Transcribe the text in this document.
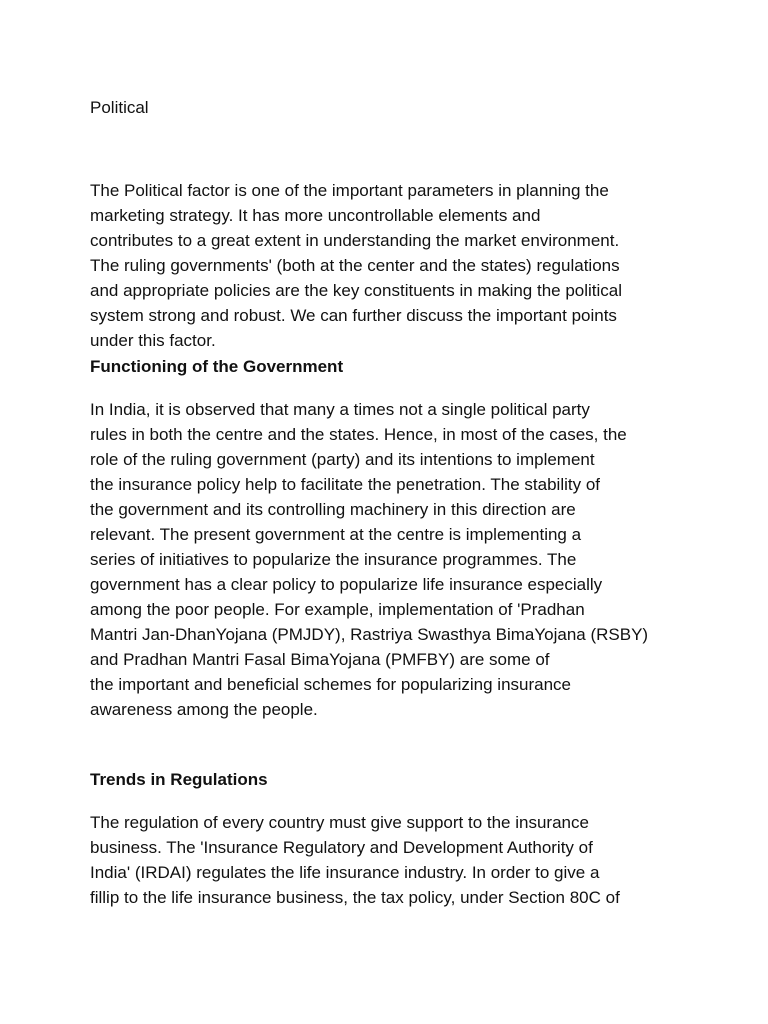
Political

The Political factor is one of the important parameters in planning the
marketing strategy. It has more uncontrollable elements and
contributes to a great extent in understanding the market environment.
The ruling governments' (both at the center and the states) regulations
and appropriate policies are the key constituents in making the political
system strong and robust. We can further discuss the important points
under this factor.

Functioning of the Government

In India, it is observed that many a times not a single political party
rules in both the centre and the states. Hence, in most of the cases, the
role of the ruling government (party) and its intentions to implement
the insurance policy help to facilitate the penetration. The stability of
the government and its controlling machinery in this direction are
relevant. The present government at the centre is implementing a
series of initiatives to popularize the insurance programmes. The
government has a clear policy to popularize life insurance especially
among the poor people. For example, implementation of 'Pradhan
Mantri Jan-DhanYojana (PMJDY), Rastriya Swasthya BimaYojana (RSBY)
and Pradhan Mantri Fasal BimaYojana (PMFBY) are some of
the important and beneficial schemes for popularizing insurance
awareness among the people.

Trends in Regulations

The regulation of every country must give support to the insurance
business. The 'Insurance Regulatory and Development Authority of
India' (IRDAI) regulates the life insurance industry. In order to give a
fillip to the life insurance business, the tax policy, under Section 80C of
